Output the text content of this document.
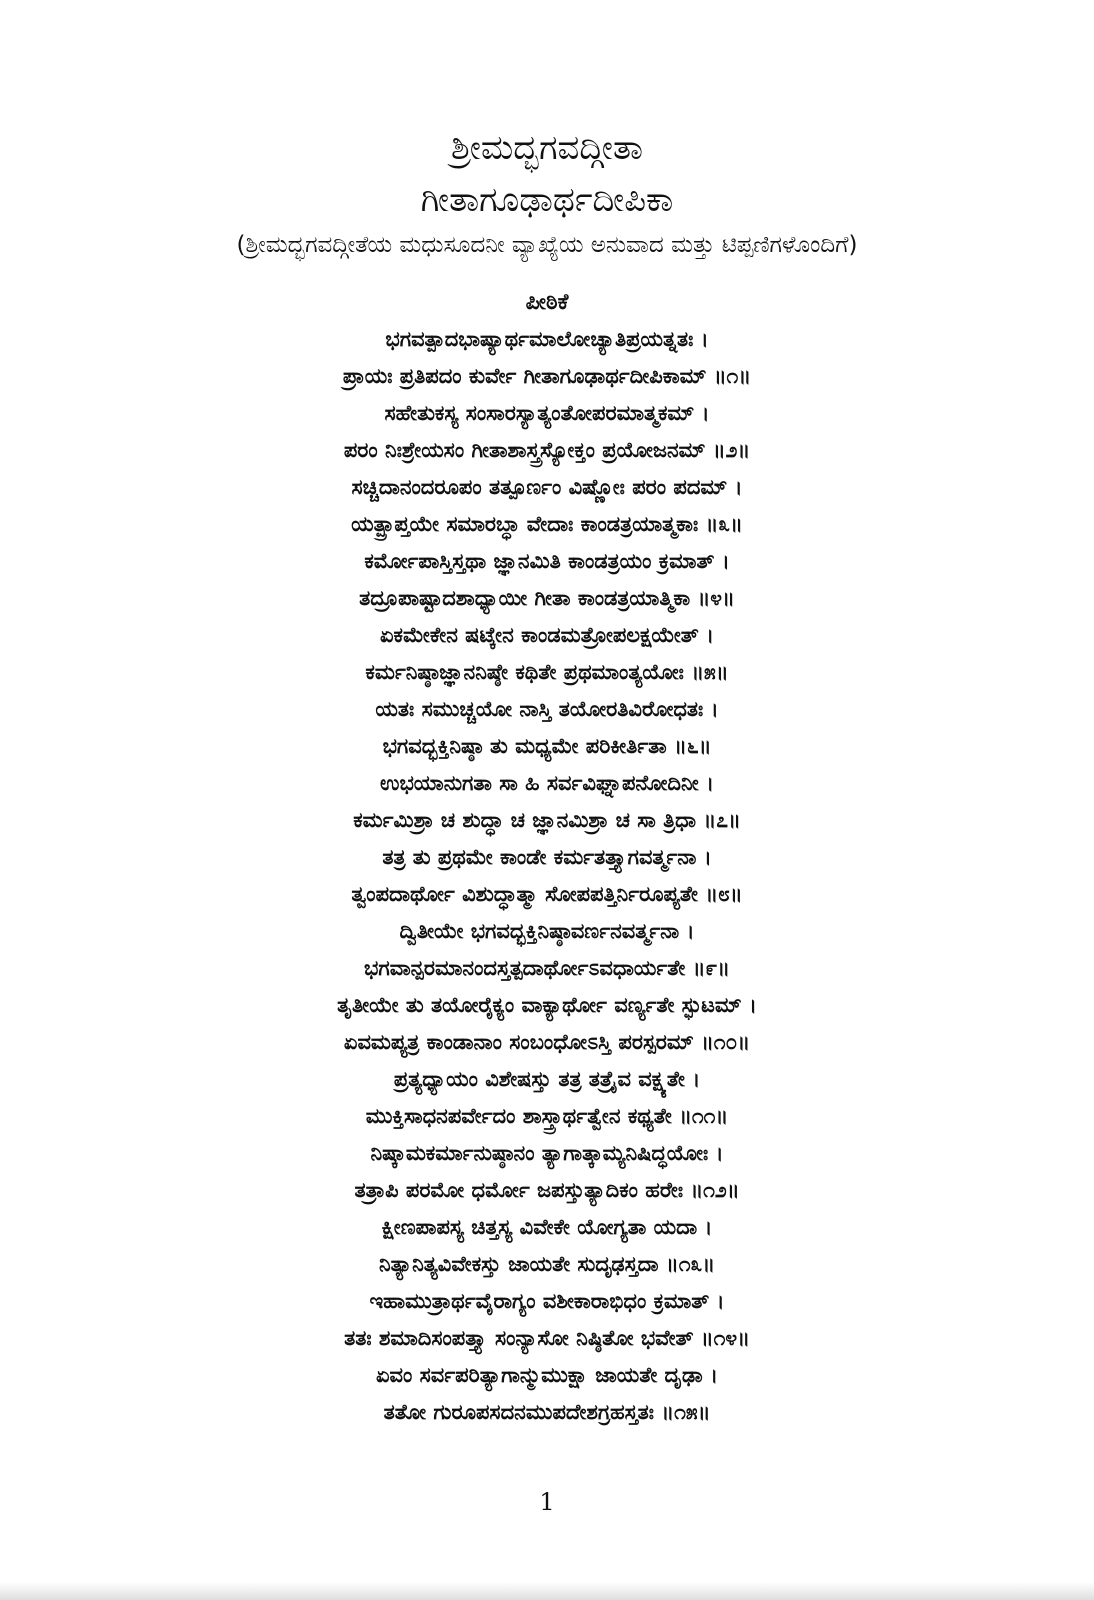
ಶ್ರೀಮದ್ಭಗವದ್ಗೀತಾ
ಗೀತಾಗೂಢಾರ್ಥದೀಪಿಕಾ
(ಶ್ರೀಮದ್ಭಗವದ್ಗೀತೆಯ ಮಧುಸೂದನೀ ವ್ಯಾಖ್ಯೆಯ ಅನುವಾದ ಮತ್ತು ಟಿಪ್ಪಣಿಗಳೊಂದಿಗೆ)
ಪೀಠಿಕೆ
ಭಗವತ್ಪಾದಭಾಷ್ಯಾರ್ಥಮಾಲೋಚ್ಯಾತಿಪ್ರಯತ್ನತಃ ।
ಪ್ರಾಯಃ ಪ್ರತಿಪದಂ ಕುರ್ವೇ ಗೀತಾಗೂಢಾರ್ಥದೀಪಿಕಾಮ್ ॥೧॥
ಸಹೇತುಕಸ್ಯ ಸಂಸಾರಸ್ಯಾತ್ಯಂತೋಪರಮಾತ್ಮಕಮ್ ।
ಪರಂ ನಿಃಶ್ರೇಯಸಂ ಗೀತಾಶಾಸ್ತ್ರಸ್ಯೋಕ್ತಂ ಪ್ರಯೋಜನಮ್ ॥೨॥
ಸಚ್ಚಿದಾನಂದರೂಪಂ ತತ್ಪೂರ್ಣಂ ವಿಷ್ಣೋಃ ಪರಂ ಪದಮ್ ।
ಯತ್ಪ್ರಾಪ್ತಯೇ ಸಮಾರಬ್ಧಾ ವೇದಾಃ ಕಾಂಡತ್ರಯಾತ್ಮಕಾಃ ॥೩॥
ಕರ್ಮೋಪಾಸ್ತಿಸ್ತಥಾ ಜ್ಞಾನಮಿತಿ ಕಾಂಡತ್ರಯಂ ಕ್ರಮಾತ್ ।
ತದ್ರೂಪಾಷ್ಟಾದಶಾಧ್ಯಾಯೀ ಗೀತಾ ಕಾಂಡತ್ರಯಾತ್ಮಿಕಾ ॥೪॥
ಏಕಮೇಕೇನ ಷಟ್ಕೇನ ಕಾಂಡಮತ್ರೋಪಲಕ್ಷಯೇತ್ ।
ಕರ್ಮನಿಷ್ಠಾಜ್ಞಾನನಿಷ್ಠೇ ಕಥಿತೇ ಪ್ರಥಮಾಂತ್ಯಯೋಃ ॥೫॥
ಯತಃ ಸಮುಚ್ಚಯೋ ನಾಸ್ತಿ ತಯೋರತಿವಿರೋಧತಃ ।
ಭಗವದ್ಭಕ್ತಿನಿಷ್ಠಾ ತು ಮಧ್ಯಮೇ ಪರಿಕೀರ್ತಿತಾ ॥೬॥
ಉಭಯಾನುಗತಾ ಸಾ ಹಿ ಸರ್ವವಿಘ್ನಾಪನೋದಿನೀ ।
ಕರ್ಮಮಿಶ್ರಾ ಚ ಶುದ್ಧಾ ಚ ಜ್ಞಾನಮಿಶ್ರಾ ಚ ಸಾ ತ್ರಿಧಾ ॥೭॥
ತತ್ರ ತು ಪ್ರಥಮೇ ಕಾಂಡೇ ಕರ್ಮತತ್ತ್ಯಾಗವರ್ತ್ಮನಾ ।
ತ್ವಂಪದಾರ್ಥೋ ವಿಶುದ್ಧಾತ್ಮಾ ಸೋಪಪತ್ತಿರ್ನಿರೂಪ್ಯತೇ ॥೮॥
ದ್ವಿತೀಯೇ ಭಗವದ್ಭಕ್ತಿನಿಷ್ಠಾವರ್ಣನವರ್ತ್ಮನಾ ।
ಭಗವಾನ್ಪರಮಾನಂದಸ್ತತ್ಪದಾರ್ಥೋಽವಧಾರ್ಯತೇ ॥೯॥
ತೃತೀಯೇ ತು ತಯೋರೈಕ್ಯಂ ವಾಕ್ಯಾರ್ಥೋ ವರ್ಣ್ಯತೇ ಸ್ಫುಟಮ್ ।
ಏವಮಪ್ಯತ್ರ ಕಾಂಡಾನಾಂ ಸಂಬಂಧೋಽಸ್ತಿ ಪರಸ್ಪರಮ್ ॥೧೦॥
ಪ್ರತ್ಯಧ್ಯಾಯಂ ವಿಶೇಷಸ್ತು ತತ್ರ ತತ್ರೈವ ವಕ್ಷ್ಯತೇ ।
ಮುಕ್ತಿಸಾಧನಪರ್ವೇದಂ ಶಾಸ್ತ್ರಾರ್ಥತ್ವೇನ ಕಥ್ಯತೇ ॥೧೧॥
ನಿಷ್ಕಾಮಕರ್ಮಾನುಷ್ಠಾನಂ ತ್ಯಾಗಾತ್ಕಾಮ್ಯನಿಷಿದ್ಧಯೋಃ ।
ತತ್ರಾಪಿ ಪರಮೋ ಧರ್ಮೋ ಜಪಸ್ತುತ್ಯಾದಿಕಂ ಹರೇಃ ॥೧೨॥
ಕ್ಷೀಣಪಾಪಸ್ಯ ಚಿತ್ತಸ್ಯ ವಿವೇಕೇ ಯೋಗ್ಯತಾ ಯದಾ ।
ನಿತ್ಯಾನಿತ್ಯವಿವೇಕಸ್ತು ಜಾಯತೇ ಸುದೃಢಸ್ತದಾ ॥೧೩॥
ಇಹಾಮುತ್ರಾರ್ಥವೈರಾಗ್ಯಂ ವಶೀಕಾರಾಭಿಧಂ ಕ್ರಮಾತ್ ।
ತತಃ ಶಮಾದಿಸಂಪತ್ತ್ಯಾ ಸಂನ್ಯಾಸೋ ನಿಷ್ಠಿತೋ ಭವೇತ್ ॥೧೪॥
ಏವಂ ಸರ್ವಪರಿತ್ಯಾಗಾನ್ಮುಮುಕ್ಷಾ ಜಾಯತೇ ದೃಢಾ ।
ತತೋ ಗುರೂಪಸದನಮುಪದೇಶಗ್ರಹಸ್ತತಃ ॥೧೫॥
1
